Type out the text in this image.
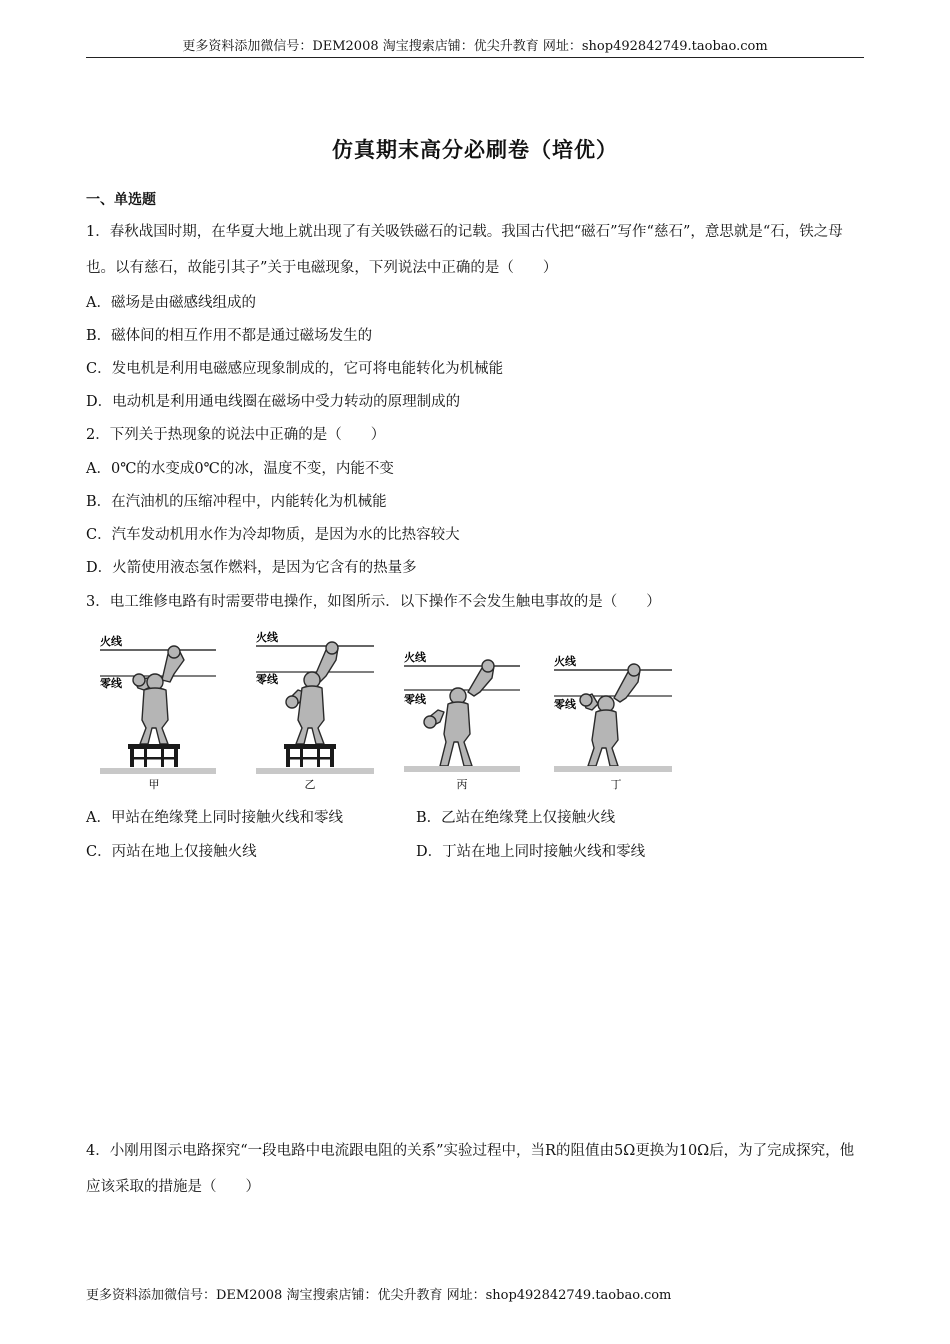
更多资料添加微信号：DEM2008 淘宝搜索店铺：优尖升教育 网址：shop492842749.taobao.com
仿真期末高分必刷卷（培优）
一、单选题
1．春秋战国时期，在华夏大地上就出现了有关吸铁磁石的记载。我国古代把“磁石”写作“慈石”，意思就是“石，铁之母也。以有慈石，故能引其子”关于电磁现象，下列说法中正确的是（　　）
A．磁场是由磁感线组成的
B．磁体间的相互作用不都是通过磁场发生的
C．发电机是利用电磁感应现象制成的，它可将电能转化为机械能
D．电动机是利用通电线圈在磁场中受力转动的原理制成的
2．下列关于热现象的说法中正确的是（　　）
A．0℃的水变成0℃的冰，温度不变，内能不变
B．在汽油机的压缩冲程中，内能转化为机械能
C．汽车发动机用水作为冷却物质，是因为水的比热容较大
D．火箭使用液态氢作燃料，是因为它含有的热量多
3．电工维修电路有时需要带电操作，如图所示．以下操作不会发生触电事故的是（　　）
火线
零线
甲
火线
零线
乙
火线
零线
丙
火线
零线
丁
A．甲站在绝缘凳上同时接触火线和零线	B．乙站在绝缘凳上仅接触火线
C．丙站在地上仅接触火线	D．丁站在地上同时接触火线和零线
4．小刚用图示电路探究“一段电路中电流跟电阻的关系”实验过程中，当R的阻值由5Ω更换为10Ω后，为了完成探究，他应该采取的措施是（　　）
更多资料添加微信号：DEM2008 淘宝搜索店铺：优尖升教育 网址：shop492842749.taobao.com
